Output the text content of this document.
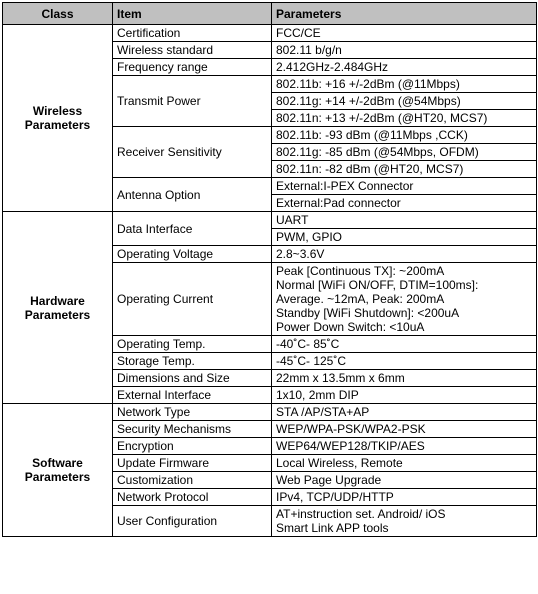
Class	Item	Parameters

Wireless
Parameters	Certification	FCC/CE
	Wireless standard	802.11 b/g/n
	Frequency range	2.412GHz-2.484GHz
	Transmit Power	802.11b: +16 +/-2dBm (@11Mbps)
		802.11g: +14 +/-2dBm (@54Mbps)
		802.11n: +13 +/-2dBm (@HT20, MCS7)
	Receiver Sensitivity	802.11b: -93 dBm (@11Mbps ,CCK)
		802.11g: -85 dBm (@54Mbps, OFDM)
		802.11n: -82 dBm (@HT20, MCS7)
	Antenna Option	External:I-PEX Connector
		External:Pad connector

Hardware
Parameters	Data Interface	UART
		PWM, GPIO
	Operating Voltage	2.8~3.6V
	Operating Current	Peak [Continuous TX]: ~200mA
Normal [WiFi ON/OFF, DTIM=100ms]:
Average. ~12mA, Peak: 200mA
Standby [WiFi Shutdown]: <200uA
Power Down Switch: <10uA

	Operating Temp.	-40˚C- 85˚C
	Storage Temp.	-45˚C- 125˚C
	Dimensions and Size	22mm x 13.5mm x 6mm
	External Interface	1x10, 2mm DIP

Software
Parameters	Network Type	STA /AP/STA+AP
	Security Mechanisms	WEP/WPA-PSK/WPA2-PSK
	Encryption	WEP64/WEP128/TKIP/AES
	Update Firmware	Local Wireless, Remote
	Customization	Web Page Upgrade
	Network Protocol	IPv4, TCP/UDP/HTTP
	User Configuration	AT+instruction set. Android/ iOS
Smart Link APP tools
